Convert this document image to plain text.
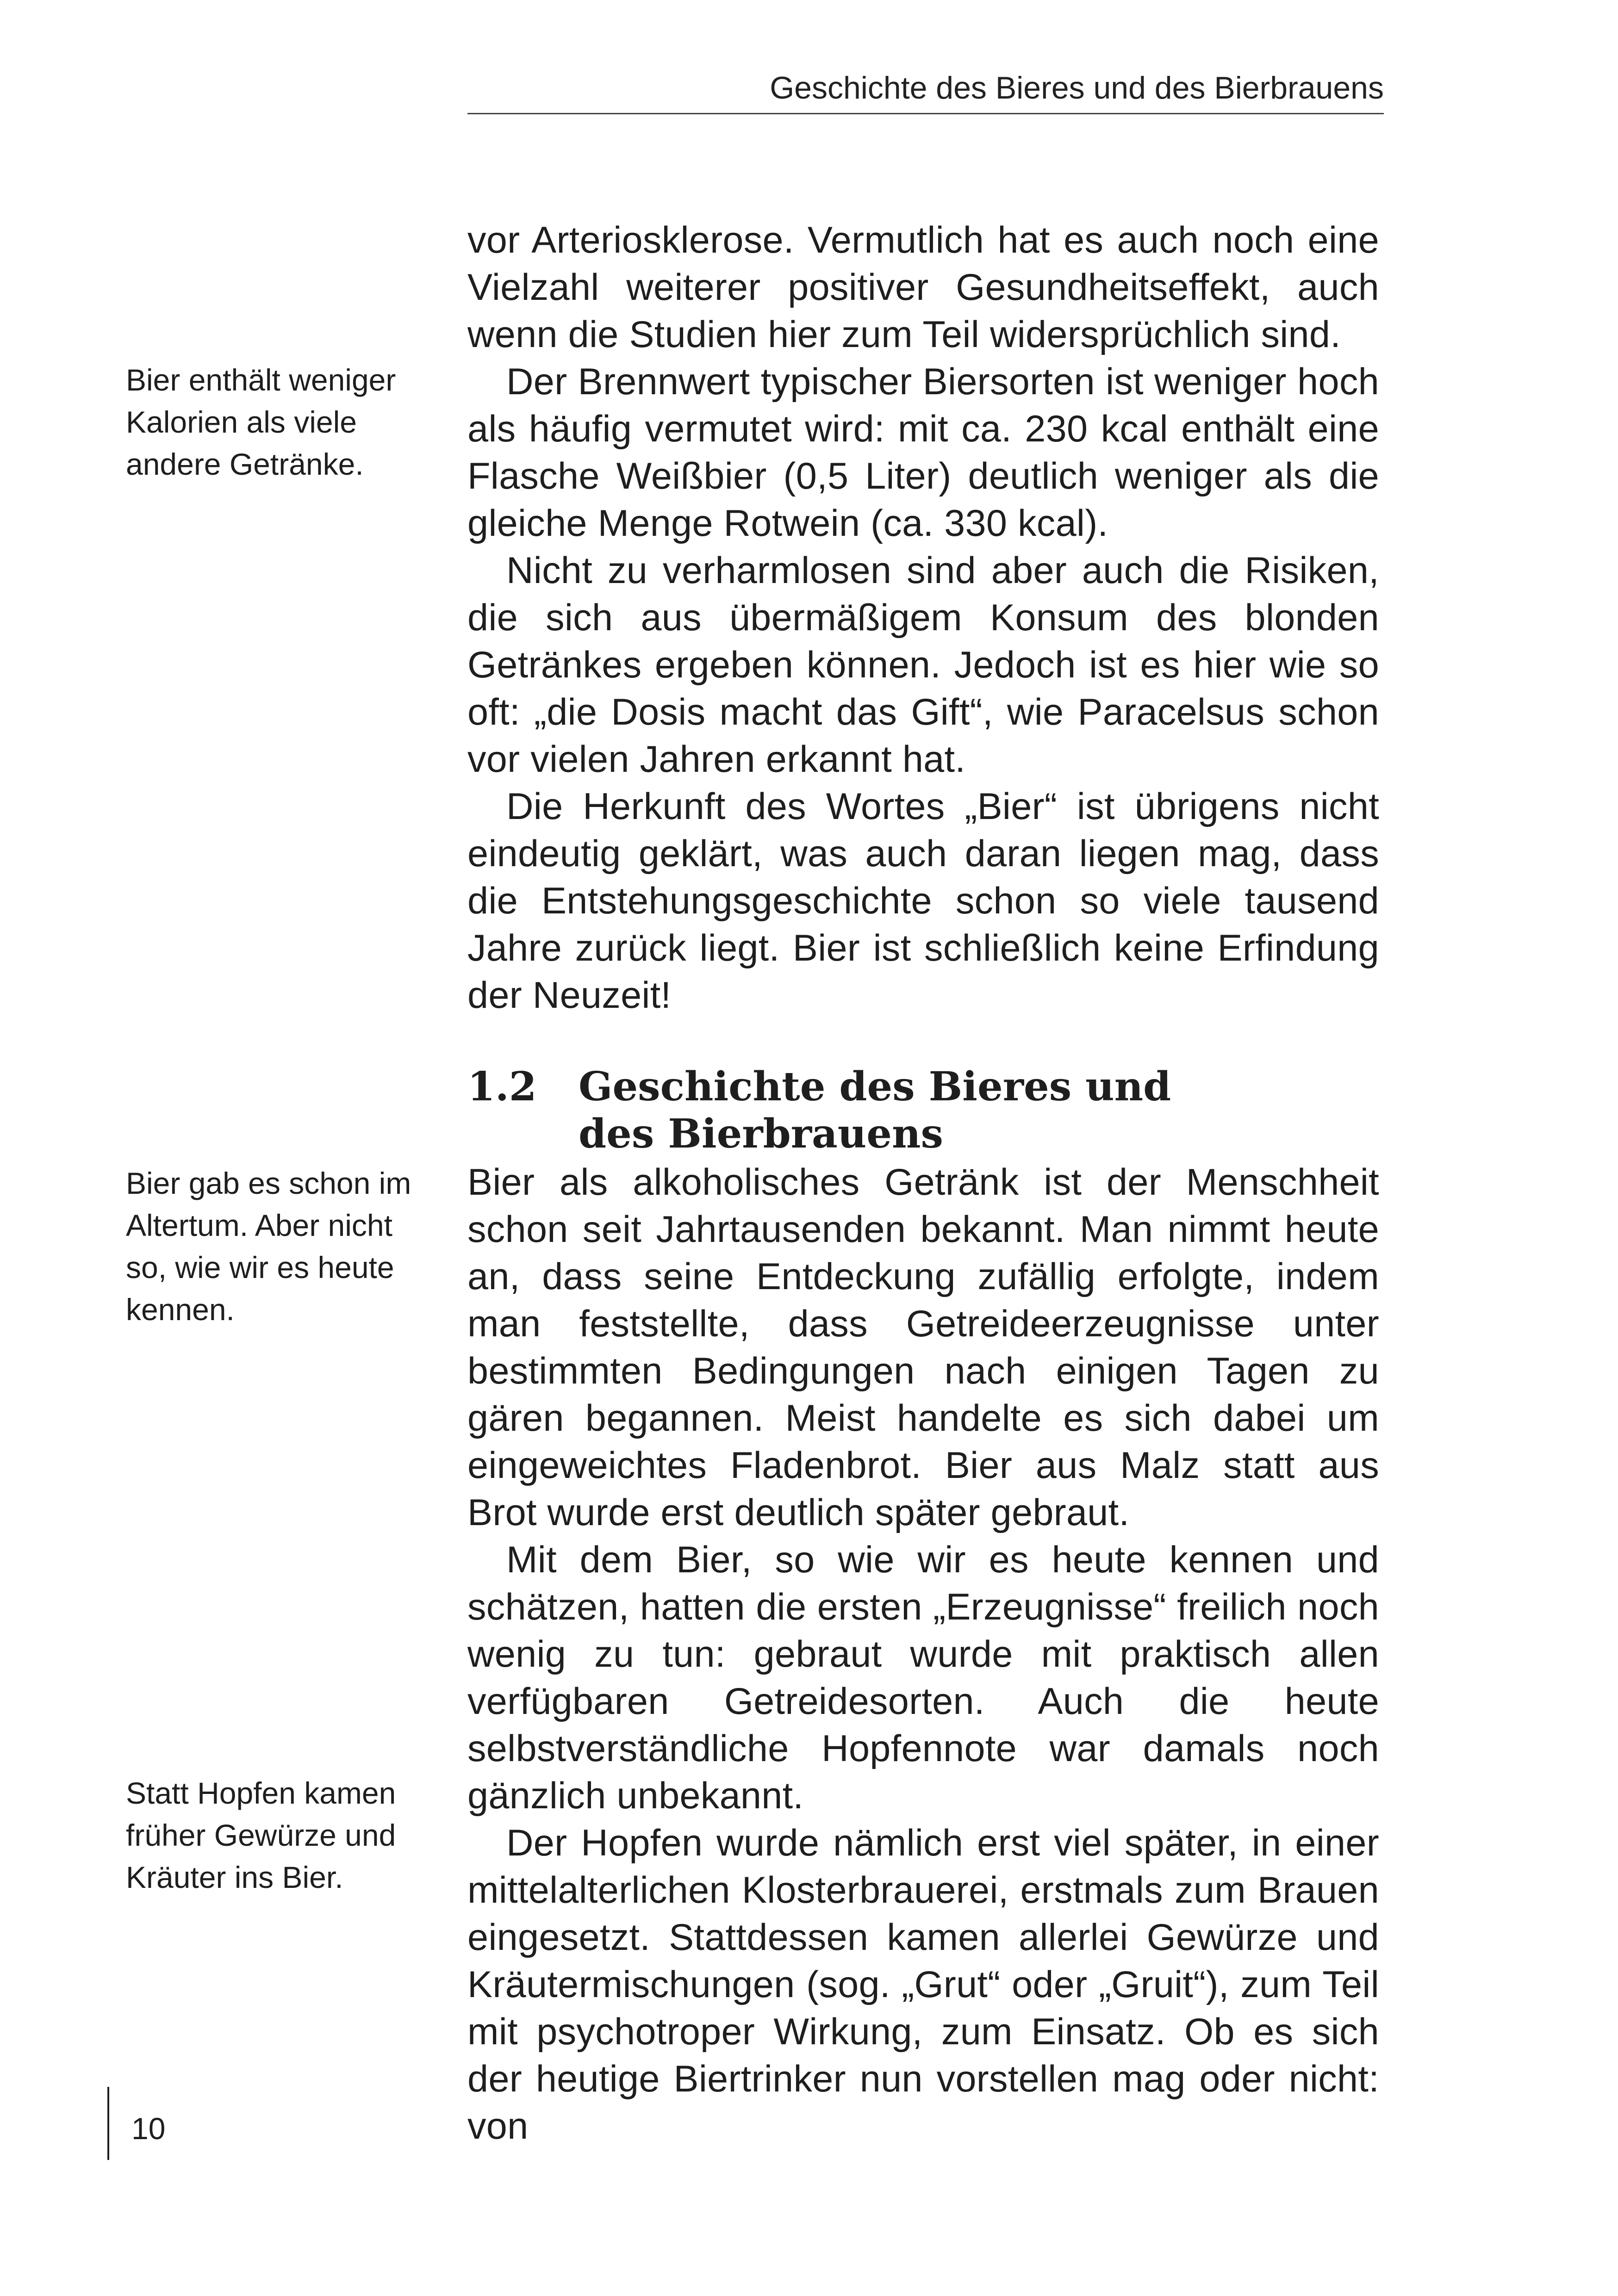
Geschichte des Bieres und des Bierbrauens

vor Arteriosklerose. Vermutlich hat es auch noch eine Vielzahl weiterer positiver Gesundheitseffekt, auch wenn die Studien hier zum Teil widersprüchlich sind.

Der Brennwert typischer Biersorten ist weniger hoch als häufig vermutet wird: mit ca. 230 kcal enthält eine Flasche Weißbier (0,5 Liter) deutlich weniger als die gleiche Menge Rotwein (ca. 330 kcal).

Nicht zu verharmlosen sind aber auch die Risiken, die sich aus übermäßigem Konsum des blonden Getränkes ergeben können. Jedoch ist es hier wie so oft: „die Dosis macht das Gift“, wie Paracelsus schon vor vielen Jahren erkannt hat.

Die Herkunft des Wortes „Bier“ ist übrigens nicht eindeutig geklärt, was auch daran liegen mag, dass die Entstehungsgeschichte schon so viele tausend Jahre zurück liegt. Bier ist schließlich keine Erfindung der Neuzeit!

1.2	Geschichte des Bieres und des Bierbrauens

Bier als alkoholisches Getränk ist der Menschheit schon seit Jahrtausenden bekannt. Man nimmt heute an, dass seine Entdeckung zufällig erfolgte, indem man feststellte, dass Getreideerzeugnisse unter bestimmten Bedingungen nach einigen Tagen zu gären begannen. Meist handelte es sich dabei um eingeweichtes Fladenbrot. Bier aus Malz statt aus Brot wurde erst deutlich später gebraut.

Mit dem Bier, so wie wir es heute kennen und schätzen, hatten die ersten „Erzeugnisse“ freilich noch wenig zu tun: gebraut wurde mit praktisch allen verfügbaren Getreidesorten. Auch die heute selbstverständliche Hopfennote war damals noch gänzlich unbekannt.

Der Hopfen wurde nämlich erst viel später, in einer mittelalterlichen Klosterbrauerei, erstmals zum Brauen eingesetzt. Stattdessen kamen allerlei Gewürze und Kräutermischungen (sog. „Grut“ oder „Gruit“), zum Teil mit psychotroper Wirkung, zum Einsatz. Ob es sich der heutige Biertrinker nun vorstellen mag oder nicht: von

Bier enthält weniger Kalorien als viele andere Getränke.
Bier gab es schon im Altertum. Aber nicht so, wie wir es heute kennen.
Statt Hopfen kamen früher Gewürze und Kräuter ins Bier.
10
